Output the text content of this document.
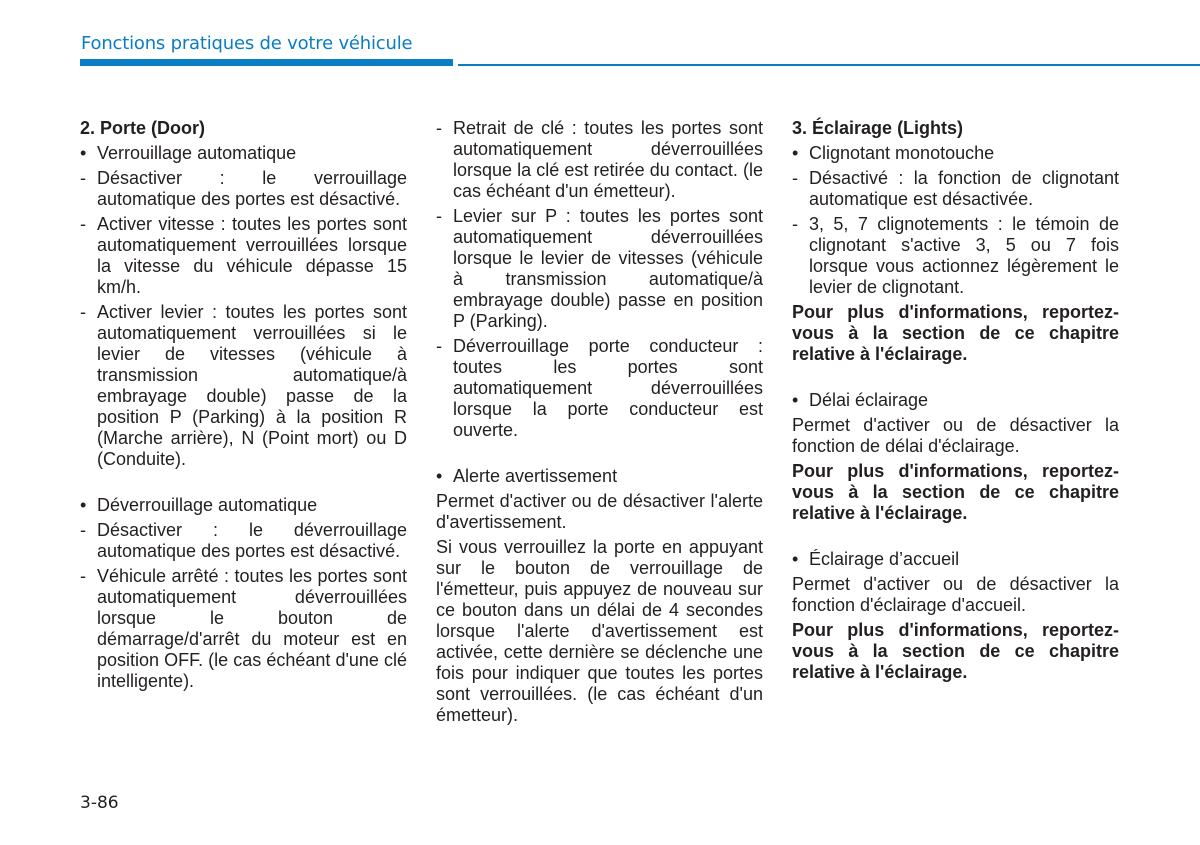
Fonctions pratiques de votre véhicule
2. Porte (Door)
• Verrouillage automatique
- Désactiver : le verrouillage automatique des portes est désactivé.
- Activer vitesse : toutes les portes sont automatiquement verrouillées lorsque la vitesse du véhicule dépasse 15 km/h.
- Activer levier : toutes les portes sont automatiquement verrouillées si le levier de vitesses (véhicule à transmission automatique/à embrayage double) passe de la position P (Parking) à la position R (Marche arrière), N (Point mort) ou D (Conduite).
• Déverrouillage automatique
- Désactiver : le déverrouillage automatique des portes est désactivé.
- Véhicule arrêté : toutes les portes sont automatiquement déverrouillées lorsque le bouton de démarrage/d'arrêt du moteur est en position OFF. (le cas échéant d'une clé intelligente).
- Retrait de clé : toutes les portes sont automatiquement déverrouillées lorsque la clé est retirée du contact. (le cas échéant d'un émetteur).
- Levier sur P : toutes les portes sont automatiquement déverrouillées lorsque le levier de vitesses (véhicule à transmission automatique/à embrayage double) passe en position P (Parking).
- Déverrouillage porte conducteur : toutes les portes sont automatiquement déverrouillées lorsque la porte conducteur est ouverte.
• Alerte avertissement
Permet d'activer ou de désactiver l'alerte d'avertissement.
Si vous verrouillez la porte en appuyant sur le bouton de verrouillage de l'émetteur, puis appuyez de nouveau sur ce bouton dans un délai de 4 secondes lorsque l'alerte d'avertissement est activée, cette dernière se déclenche une fois pour indiquer que toutes les portes sont verrouillées. (le cas échéant d'un émetteur).
3. Éclairage (Lights)
• Clignotant monotouche
- Désactivé : la fonction de clignotant automatique est désactivée.
- 3, 5, 7 clignotements : le témoin de clignotant s'active 3, 5 ou 7 fois lorsque vous actionnez légèrement le levier de clignotant.
Pour plus d'informations, reportez-vous à la section de ce chapitre relative à l'éclairage.
• Délai éclairage
Permet d'activer ou de désactiver la fonction de délai d'éclairage.
Pour plus d'informations, reportez-vous à la section de ce chapitre relative à l'éclairage.
• Éclairage d’accueil
Permet d'activer ou de désactiver la fonction d'éclairage d'accueil.
Pour plus d'informations, reportez-vous à la section de ce chapitre relative à l'éclairage.
3-86
